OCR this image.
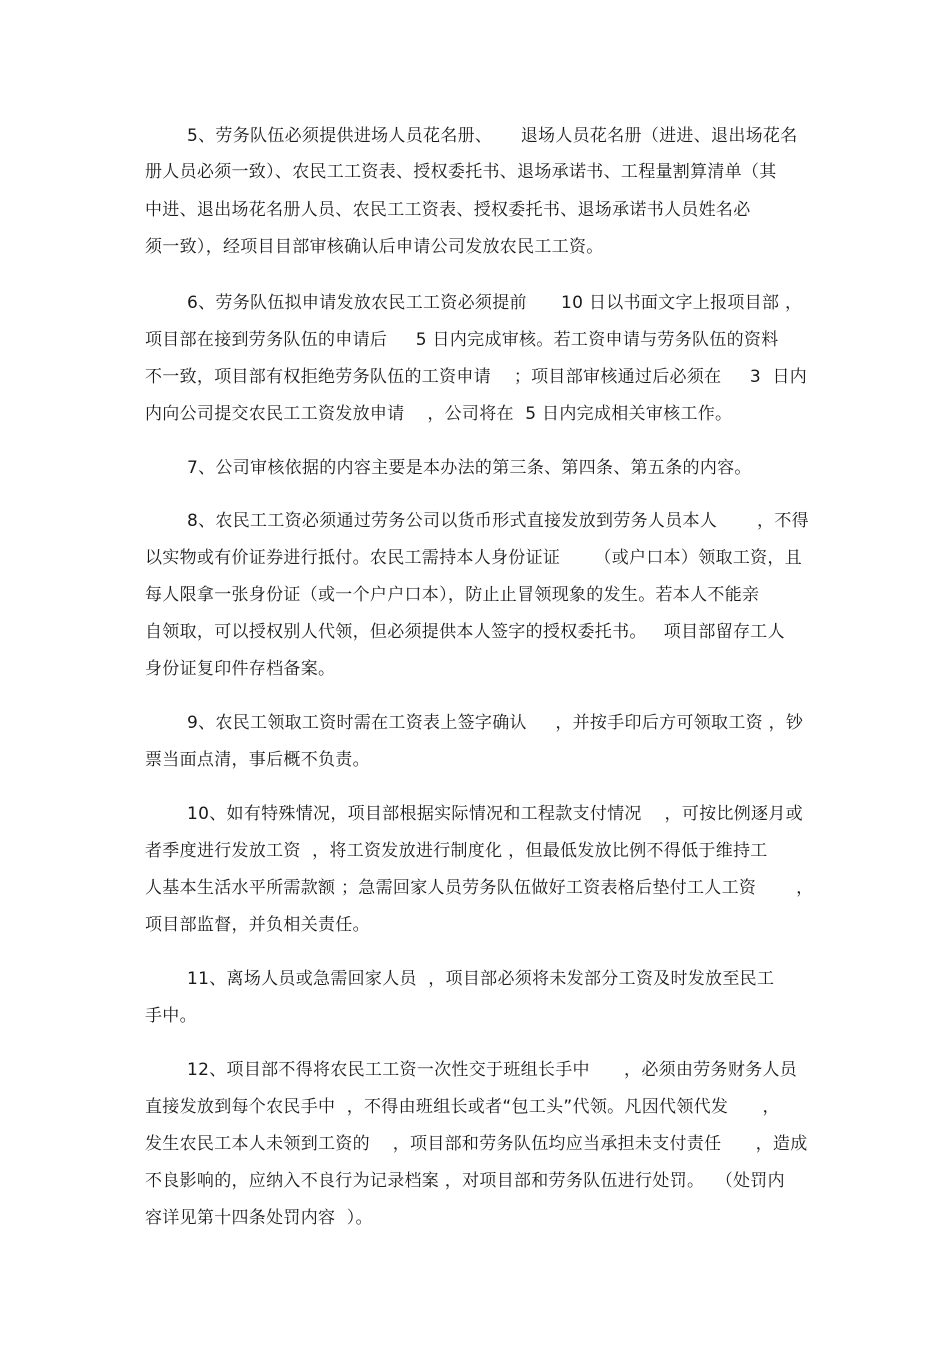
5、劳务队伍必须提供进场人员花名册、     退场人员花名册（进进、退出场花名
册人员必须一致）、农民工工资表、授权委托书、退场承诺书、工程量割算清单（其
中进、退出场花名册人员、农民工工资表、授权委托书、退场承诺书人员姓名必
须一致），经项目目部审核确认后申请公司发放农民工工资。
6、劳务队伍拟申请发放农民工工资必须提前      10 日以书面文字上报项目部 ，
项目部在接到劳务队伍的申请后     5 日内完成审核。若工资申请与劳务队伍的资料
不一致，项目部有权拒绝劳务队伍的工资申请    ；项目部审核通过后必须在     3  日内
内向公司提交农民工工资发放申请    ，公司将在  5 日内完成相关审核工作。
7、公司审核依据的内容主要是本办法的第三条、第四条、第五条的内容。
8、农民工工资必须通过劳务公司以货币形式直接发放到劳务人员本人       ，不得
以实物或有价证券进行抵付。农民工需持本人身份证证      （或户口本）领取工资，且
每人限拿一张身份证（或一个户户口本），防止止冒领现象的发生。若本人不能亲
自领取，可以授权别人代领，但必须提供本人签字的授权委托书。   项目部留存工人
身份证复印件存档备案。
9、农民工领取工资时需在工资表上签字确认     ，并按手印后方可领取工资 ，钞
票当面点清，事后概不负责。
10、如有特殊情况，项目部根据实际情况和工程款支付情况    ，可按比例逐月或
者季度进行发放工资  ，将工资发放进行制度化 ，但最低发放比例不得低于维持工
人基本生活水平所需款额 ；急需回家人员劳务队伍做好工资表格后垫付工人工资       ，
项目部监督，并负相关责任。
11、离场人员或急需回家人员  ，项目部必须将未发部分工资及时发放至民工
手中。
12、项目部不得将农民工工资一次性交于班组长手中      ，必须由劳务财务人员
直接发放到每个农民手中  ，不得由班组长或者“包工头”代领。凡因代领代发      ，
发生农民工本人未领到工资的    ，项目部和劳务队伍均应当承担未支付责任      ，造成
不良影响的，应纳入不良行为记录档案 ，对项目部和劳务队伍进行处罚。  （处罚内
容详见第十四条处罚内容  ）。
